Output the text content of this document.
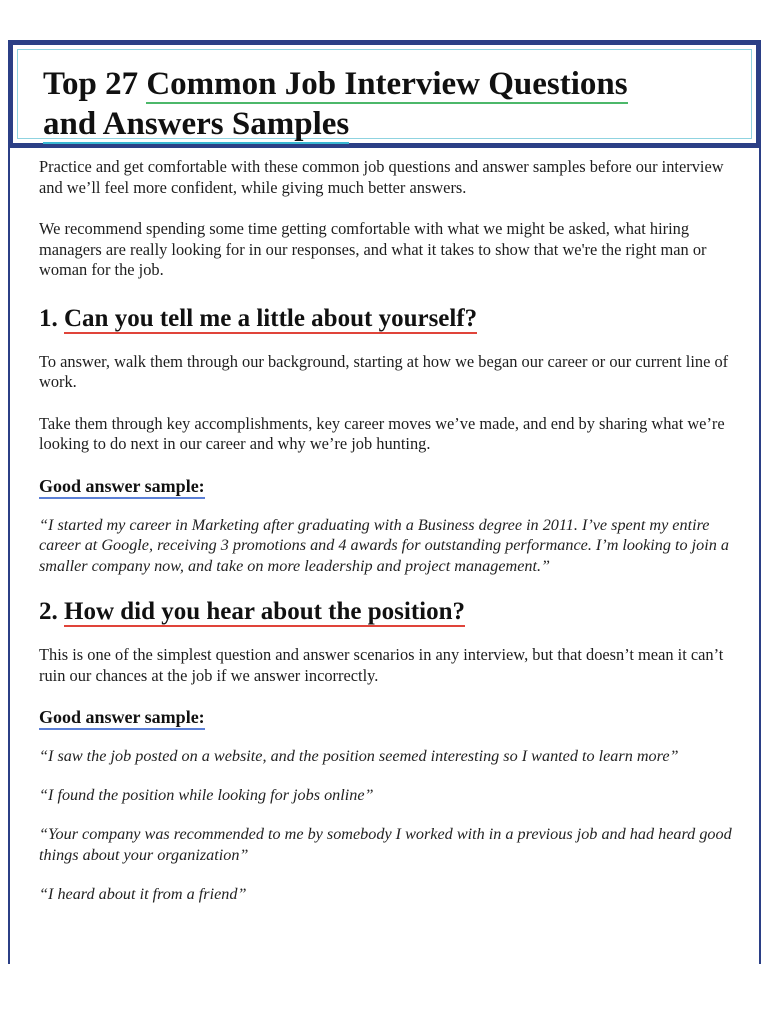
Top 27 Common Job Interview Questions
and Answers Samples

Practice and get comfortable with these common job questions and answer samples before our interview and we’ll feel more confident, while giving much better answers.

We recommend spending some time getting comfortable with what we might be asked, what hiring managers are really looking for in our responses, and what it takes to show that we're the right man or woman for the job.

1. Can you tell me a little about yourself?

To answer, walk them through our background, starting at how we began our career or our current line of work.

Take them through key accomplishments, key career moves we’ve made, and end by sharing what we’re looking to do next in our career and why we’re job hunting.

Good answer sample:

“I started my career in Marketing after graduating with a Business degree in 2011. I’ve spent my entire career at Google, receiving 3 promotions and 4 awards for outstanding performance. I’m looking to join a smaller company now, and take on more leadership and project management.”

2. How did you hear about the position?

This is one of the simplest question and answer scenarios in any interview, but that doesn’t mean it can’t ruin our chances at the job if we answer incorrectly.

Good answer sample:

“I saw the job posted on a website, and the position seemed interesting so I wanted to learn more”

“I found the position while looking for jobs online”

“Your company was recommended to me by somebody I worked with in a previous job and had heard good things about your organization”

“I heard about it from a friend”
